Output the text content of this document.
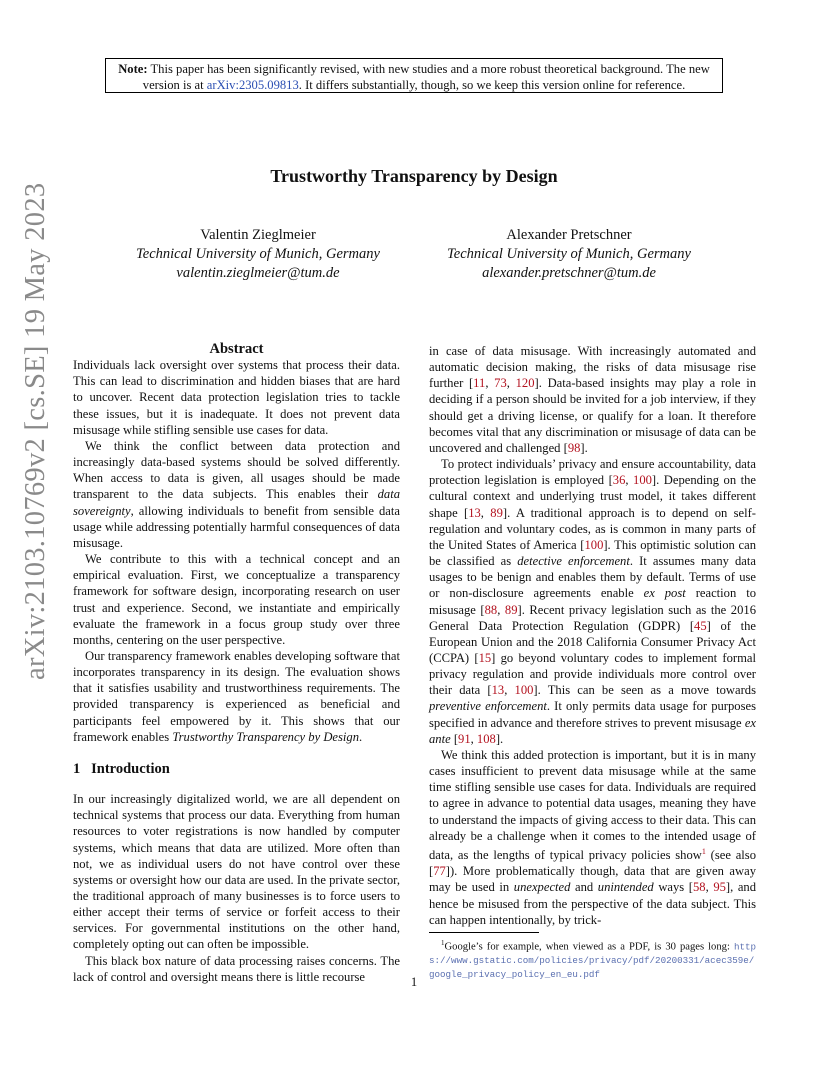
Note: This paper has been significantly revised, with new studies and a more robust theoretical background. The new version is at arXiv:2305.09813. It differs substantially, though, so we keep this version online for reference.
arXiv:2103.10769v2 [cs.SE] 19 May 2023
Trustworthy Transparency by Design
Valentin Zieglmeier
Technical University of Munich, Germany
valentin.zieglmeier@tum.de
Alexander Pretschner
Technical University of Munich, Germany
alexander.pretschner@tum.de
Abstract

Individuals lack oversight over systems that process their data. This can lead to discrimination and hidden biases that are hard to uncover. Recent data protection legislation tries to tackle these issues, but it is inadequate. It does not prevent data misusage while stifling sensible use cases for data.

We think the conflict between data protection and increasingly data-based systems should be solved differently. When access to data is given, all usages should be made transparent to the data subjects. This enables their data sovereignty, allowing individuals to benefit from sensible data usage while addressing potentially harmful consequences of data misusage.

We contribute to this with a technical concept and an empirical evaluation. First, we conceptualize a transparency framework for software design, incorporating research on user trust and experience. Second, we instantiate and empirically evaluate the framework in a focus group study over three months, centering on the user perspective.

Our transparency framework enables developing software that incorporates transparency in its design. The evaluation shows that it satisfies usability and trustworthiness requirements. The provided transparency is experienced as beneficial and participants feel empowered by it. This shows that our framework enables Trustworthy Transparency by Design.

1 Introduction

In our increasingly digitalized world, we are all dependent on technical systems that process our data. Everything from human resources to voter registrations is now handled by computer systems, which means that data are utilized. More often than not, we as individual users do not have control over these systems or oversight how our data are used. In the private sector, the traditional approach of many businesses is to force users to either accept their terms of service or forfeit access to their services. For governmental institutions on the other hand, completely opting out can often be impossible.

This black box nature of data processing raises concerns. The lack of control and oversight means there is little recourse

in case of data misusage. With increasingly automated and automatic decision making, the risks of data misusage rise further [11, 73, 120]. Data-based insights may play a role in deciding if a person should be invited for a job interview, if they should get a driving license, or qualify for a loan. It therefore becomes vital that any discrimination or misusage of data can be uncovered and challenged [98].

To protect individuals’ privacy and ensure accountability, data protection legislation is employed [36, 100]. Depending on the cultural context and underlying trust model, it takes different shape [13, 89]. A traditional approach is to depend on self-regulation and voluntary codes, as is common in many parts of the United States of America [100]. This optimistic solution can be classified as detective enforcement. It assumes many data usages to be benign and enables them by default. Terms of use or non-disclosure agreements enable ex post reaction to misusage [88, 89]. Recent privacy legislation such as the 2016 General Data Protection Regulation (GDPR) [45] of the European Union and the 2018 California Consumer Privacy Act (CCPA) [15] go beyond voluntary codes to implement formal privacy regulation and provide individuals more control over their data [13, 100]. This can be seen as a move towards preventive enforcement. It only permits data usage for purposes specified in advance and therefore strives to prevent misusage ex ante [91, 108].

We think this added protection is important, but it is in many cases insufficient to prevent data misusage while at the same time stifling sensible use cases for data. Individuals are required to agree in advance to potential data usages, meaning they have to understand the impacts of giving access to their data. This can already be a challenge when it comes to the intended usage of data, as the lengths of typical privacy policies show$^1$ (see also [77]). More problematically though, data that are given away may be used in unexpected and unintended ways [58, 95], and hence be misused from the perspective of the data subject. This can happen intentionally, by trick-

$^1$Google’s for example, when viewed as a PDF, is 30 pages long: https://www.gstatic.com/policies/privacy/pdf/20200331/acec359e/google_privacy_policy_en_eu.pdf
1
